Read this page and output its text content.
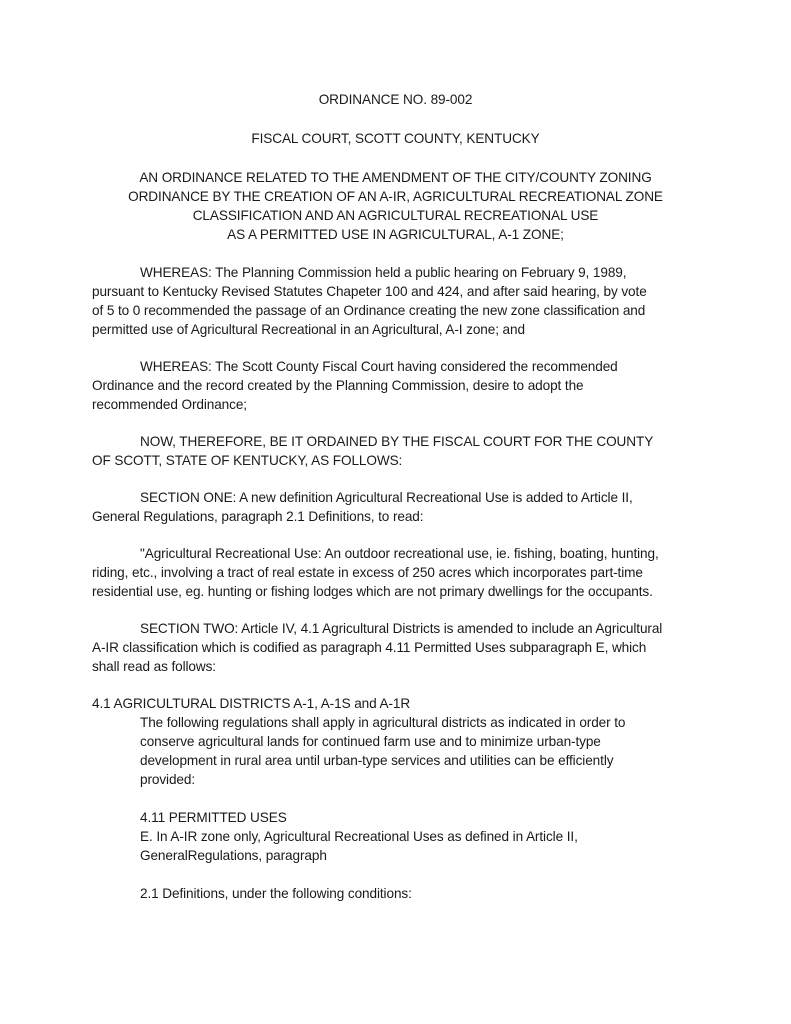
ORDINANCE NO. 89-002
FISCAL COURT, SCOTT COUNTY, KENTUCKY
AN ORDINANCE RELATED TO THE AMENDMENT OF THE CITY/COUNTY ZONING
ORDINANCE BY THE CREATION OF AN A-IR, AGRICULTURAL RECREATIONAL ZONE
CLASSIFICATION AND AN AGRICULTURAL RECREATIONAL USE
AS A PERMITTED USE IN AGRICULTURAL, A-1 ZONE;
WHEREAS: The Planning Commission held a public hearing on February 9, 1989,
pursuant to Kentucky Revised Statutes Chapeter 100 and 424, and after said hearing, by vote
of 5 to 0 recommended the passage of an Ordinance creating the new zone classification and
permitted use of Agricultural Recreational in an Agricultural, A-I zone; and
WHEREAS: The Scott County Fiscal Court having considered the recommended
Ordinance and the record created by the Planning Commission, desire to adopt the
recommended Ordinance;
NOW, THEREFORE, BE IT ORDAINED BY THE FISCAL COURT FOR THE COUNTY
OF SCOTT, STATE OF KENTUCKY, AS FOLLOWS:
SECTION ONE: A new definition Agricultural Recreational Use is added to Article II,
General Regulations, paragraph 2.1 Definitions, to read:
"Agricultural Recreational Use: An outdoor recreational use, ie. fishing, boating, hunting,
riding, etc., involving a tract of real estate in excess of 250 acres which incorporates part-time
residential use, eg. hunting or fishing lodges which are not primary dwellings for the occupants.
SECTION TWO: Article IV, 4.1 Agricultural Districts is amended to include an Agricultural
A-IR classification which is codified as paragraph 4.11 Permitted Uses subparagraph E, which
shall read as follows:
4.1 AGRICULTURAL DISTRICTS A-1, A-1S and A-1R
The following regulations shall apply in agricultural districts as indicated in order to
conserve agricultural lands for continued farm use and to minimize urban-type
development in rural area until urban-type services and utilities can be efficiently
provided:
4.11 PERMITTED USES
E. In A-IR zone only, Agricultural Recreational Uses as defined in Article II,
GeneralRegulations, paragraph
2.1 Definitions, under the following conditions:
